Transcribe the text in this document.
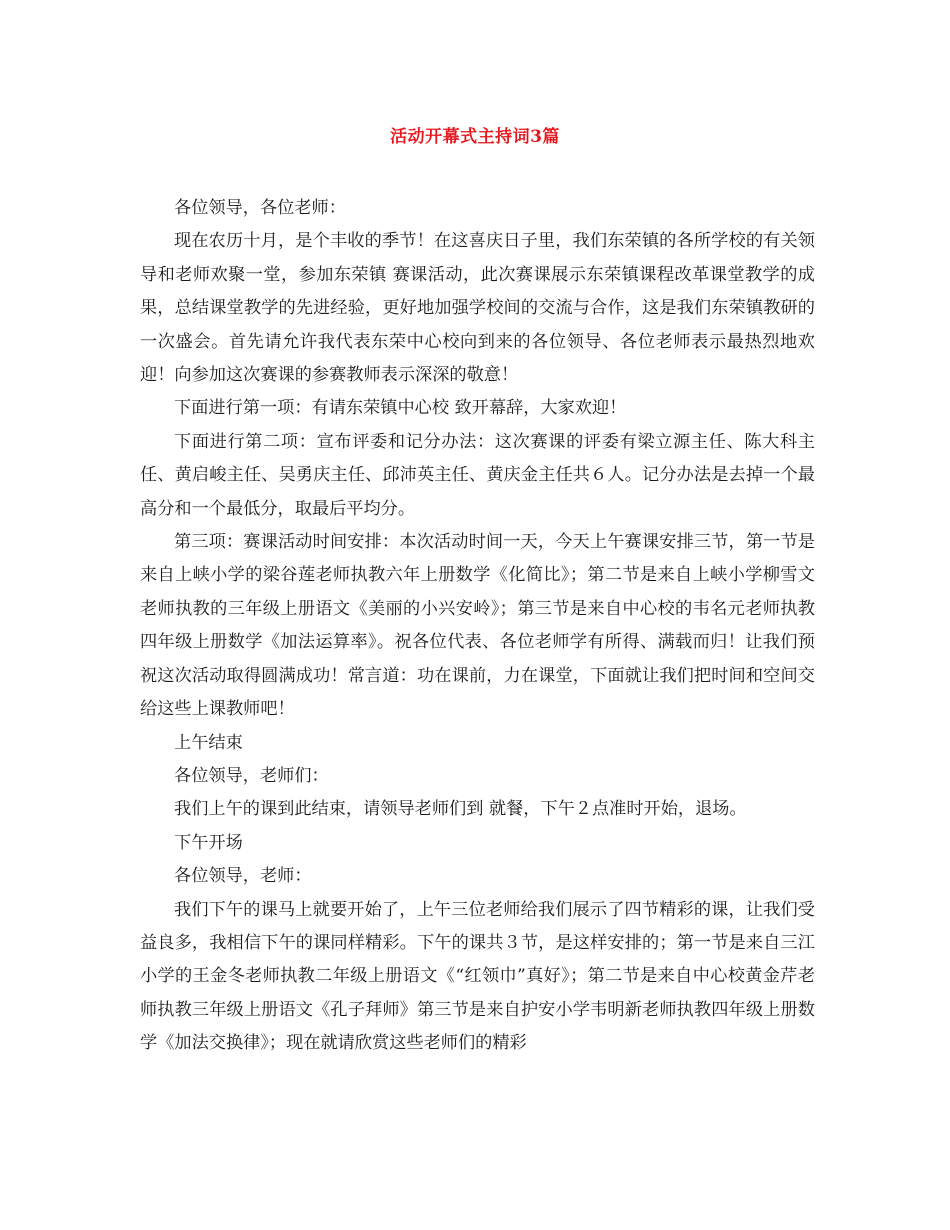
活动开幕式主持词3篇

各位领导，各位老师：

现在农历十月，是个丰收的季节！在这喜庆日子里，我们东荣镇的各所学校的有关领导和老师欢聚一堂，参加东荣镇 赛课活动，此次赛课展示东荣镇课程改革课堂教学的成果，总结课堂教学的先进经验，更好地加强学校间的交流与合作，这是我们东荣镇教研的一次盛会。首先请允许我代表东荣中心校向到来的各位领导、各位老师表示最热烈地欢迎！向参加这次赛课的参赛教师表示深深的敬意！

下面进行第一项：有请东荣镇中心校 致开幕辞，大家欢迎！

下面进行第二项：宣布评委和记分办法：这次赛课的评委有梁立源主任、陈大科主任、黄启峻主任、吴勇庆主任、邱沛英主任、黄庆金主任共６人。记分办法是去掉一个最高分和一个最低分，取最后平均分。

第三项：赛课活动时间安排：本次活动时间一天，今天上午赛课安排三节，第一节是来自上峡小学的梁谷莲老师执教六年上册数学《化简比》；第二节是来自上峡小学柳雪文老师执教的三年级上册语文《美丽的小兴安岭》；第三节是来自中心校的韦名元老师执教四年级上册数学《加法运算率》。祝各位代表、各位老师学有所得、满载而归！让我们预祝这次活动取得圆满成功！常言道：功在课前，力在课堂，下面就让我们把时间和空间交给这些上课教师吧！

上午结束

各位领导，老师们：

我们上午的课到此结束，请领导老师们到 就餐，下午２点准时开始，退场。

下午开场

各位领导，老师：

我们下午的课马上就要开始了，上午三位老师给我们展示了四节精彩的课，让我们受益良多，我相信下午的课同样精彩。下午的课共３节，是这样安排的；第一节是来自三江小学的王金冬老师执教二年级上册语文《“红领巾”真好》；第二节是来自中心校黄金芹老师执教三年级上册语文《孔子拜师》第三节是来自护安小学韦明新老师执教四年级上册数学《加法交换律》；现在就请欣赏这些老师们的精彩
